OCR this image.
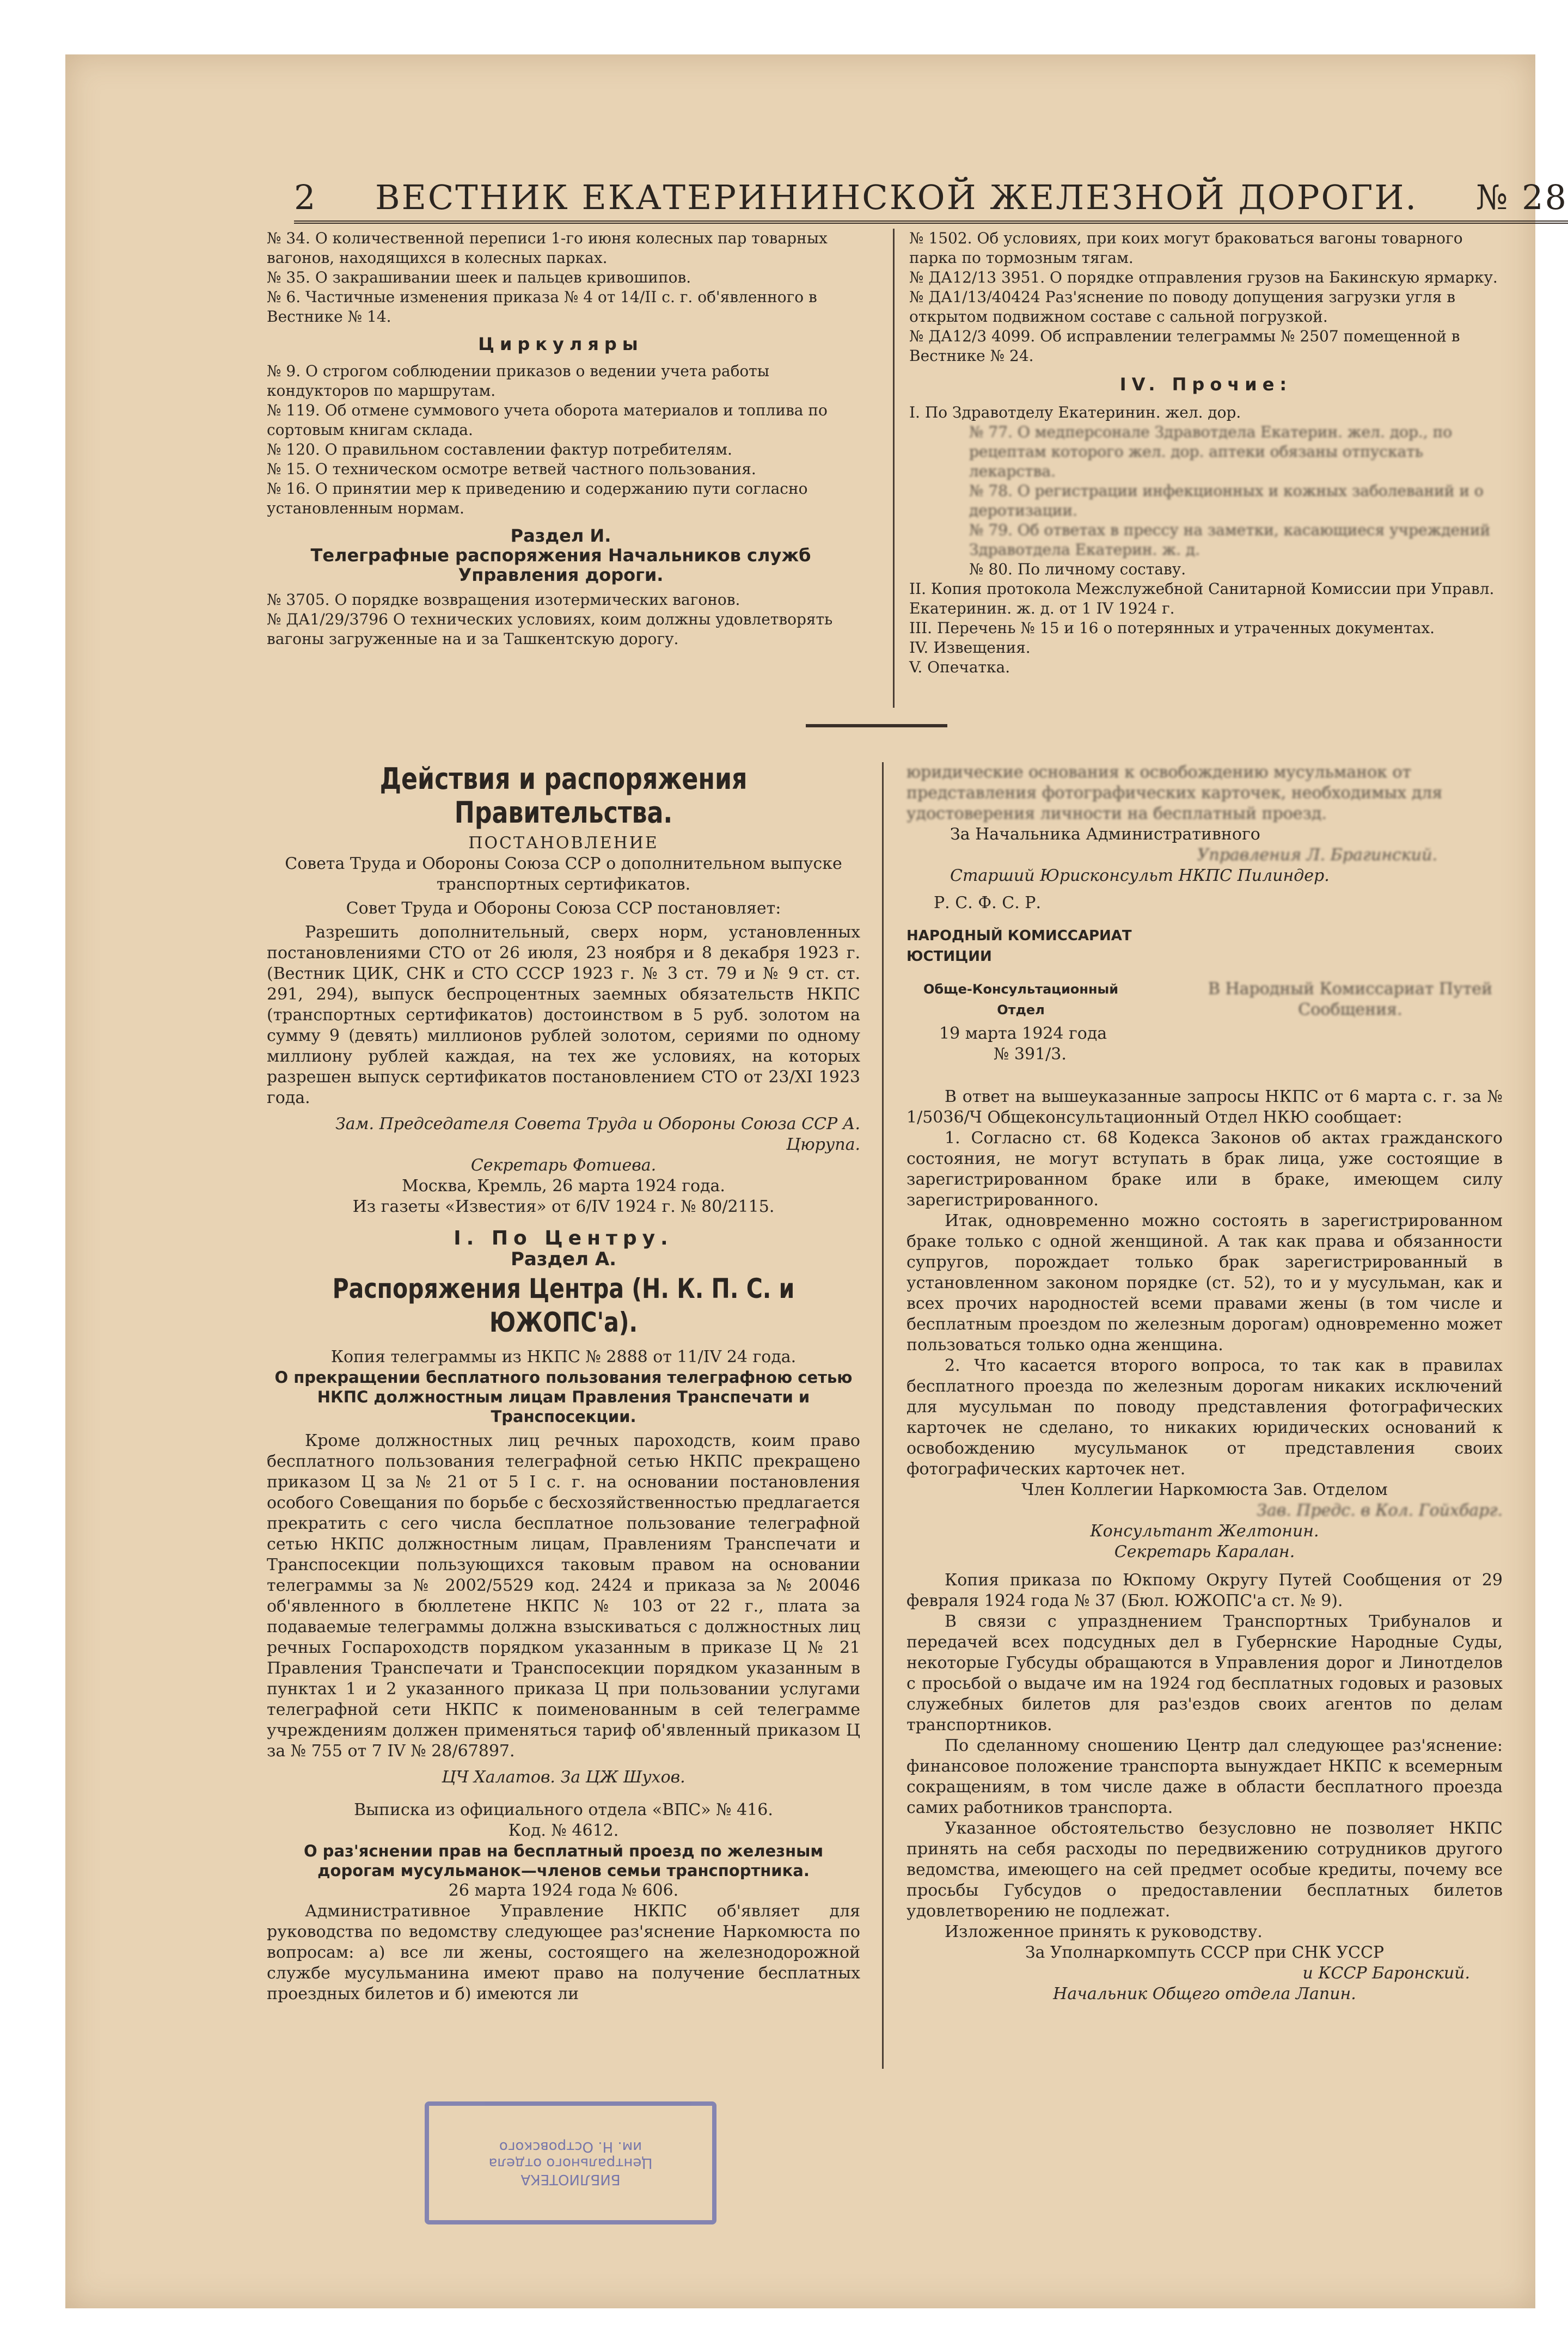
2 ВЕСТНИК ЕКАТЕРИНИНСКОЙ ЖЕЛЕЗНОЙ ДОРОГИ. № 28

№ 34. О количественной переписи 1-го июня колесных пар товарных вагонов, находящихся в колесных парках.

№ 35. О закрашивании шеек и пальцев кривошипов.

№ 6. Частичные изменения приказа № 4 от 14/II с. г. об'явленного в Вестнике № 14.

Циркуляры

№ 9. О строгом соблюдении приказов о ведении учета работы кондукторов по маршрутам.

№ 119. Об отмене суммового учета оборота материалов и топлива по сортовым книгам склада.

№ 120. О правильном составлении фактур потребителям.

№ 15. О техническом осмотре ветвей частного пользования.

№ 16. О принятии мер к приведению и содержанию пути согласно установленным нормам.

Раздел И.

Телеграфные распоряжения Начальников служб Управления дороги.

№ 3705. О порядке возвращения изотермических вагонов.

№ ДА1/29/3796 О технических условиях, коим должны удовлетворять вагоны загруженные на и за Ташкентскую дорогу.

№ 1502. Об условиях, при коих могут браковаться вагоны товарного парка по тормозным тягам.

№ ДА12/13 3951. О порядке отправления грузов на Бакинскую ярмарку.

№ ДА1/13/40424 Раз'яснение по поводу допущения загрузки угля в открытом подвижном составе с сальной погрузкой.

№ ДА12/3 4099. Об исправлении телеграммы № 2507 помещенной в Вестнике № 24.

IV. Прочие:

I. По Здравотделу Екатеринин. жел. дор.

№ 77. О медперсонале Здравотдела Екатерин. жел. дор., по рецептам которого жел. дор. аптеки обязаны отпускать лекарства.

№ 78. О регистрации инфекционных и кожных заболеваний и о деротизации.

№ 79. Об ответах в прессу на заметки, касающиеся учреждений Здравотдела Екатерин. ж. д.

№ 80. По личному составу.

II. Копия протокола Межслужебной Санитарной Комиссии при Управл. Екатеринин. ж. д. от 1 IV 1924 г.

III. Перечень № 15 и 16 о потерянных и утраченных документах.

IV. Извещения.

V. Опечатка.

Действия и распоряжения Правительства.

ПОСТАНОВЛЕНИЕ

Совета Труда и Обороны Союза ССР о дополнительном выпуске транспортных сертификатов.

Совет Труда и Обороны Союза ССР постановляет:

Разрешить дополнительный, сверх норм, установленных постановлениями СТО от 26 июля, 23 ноября и 8 декабря 1923 г. (Вестник ЦИК, СНК и СТО СССР 1923 г. № 3 ст. 79 и № 9 ст. ст. 291, 294), выпуск беспроцентных заемных обязательств НКПС (транспортных сертификатов) достоинством в 5 руб. золотом на сумму 9 (девять) миллионов рублей золотом, сериями по одному миллиону рублей каждая, на тех же условиях, на которых разрешен выпуск сертификатов постановлением СТО от 23/XI 1923 года.

Зам. Председателя Совета Труда и Обороны Союза ССР А. Цюрупа.

Секретарь Фотиева.

Москва, Кремль, 26 марта 1924 года.

Из газеты «Известия» от 6/IV 1924 г. № 80/2115.

I. По Центру.

Раздел А.

Распоряжения Центра (Н. К. П. С. и ЮЖОПС'а).

Копия телеграммы из НКПС № 2888 от 11/IV 24 года.

О прекращении бесплатного пользования телеграфною сетью НКПС должностным лицам Правления Транспечати и Транспосекции.

Кроме должностных лиц речных пароходств, коим право бесплатного пользования телеграфной сетью НКПС прекращено приказом Ц за № 21 от 5 I с. г. на основании постановления особого Совещания по борьбе с бесхозяйственностью предлагается прекратить с сего числа бесплатное пользование телеграфной сетью НКПС должностным лицам, Правлениям Транспечати и Транспосекции пользующихся таковым правом на основании телеграммы за № 2002/5529 код. 2424 и приказа за № 20046 об'явленного в бюллетене НКПС № 103 от 22 г., плата за подаваемые телеграммы должна взыскиваться с должностных лиц речных Госпароходств порядком указанным в приказе Ц № 21 Правления Транспечати и Транспосекции порядком указанным в пунктах 1 и 2 указанного приказа Ц при пользовании услугами телеграфной сети НКПС к поименованным в сей телеграмме учреждениям должен применяться тариф об'явленный приказом Ц за № 755 от 7 IV № 28/67897.

ЦЧ Халатов. За ЦЖ Шухов.

Выписка из официального отдела «ВПС» № 416.

Код. № 4612.

О раз'яснении прав на бесплатный проезд по железным дорогам мусульманок—членов семьи транспортника.

26 марта 1924 года № 606.

Административное Управление НКПС об'являет для руководства по ведомству следующее раз'яснение Наркомюста по вопросам: а) все ли жены, состоящего на железнодорожной службе мусульманина имеют право на получение бесплатных проездных билетов и б) имеются ли

юридические основания к освобождению мусульманок от представления фотографических карточек, необходимых для удостоверения личности на бесплатный проезд.

За Начальника Административного

Управления Л. Брагинский.

Старший Юрисконсульт НКПС Пилиндер.

Р. С. Ф. С. Р.

НАРОДНЫЙ КОМИССАРИАТ ЮСТИЦИИ

Обще-Консультационный Отдел

В Народный Комиссариат Путей Сообщения.

19 марта 1924 года

№ 391/3.

В ответ на вышеуказанные запросы НКПС от 6 марта с. г. за № 1/5036/Ч Общеконсультационный Отдел НКЮ сообщает:

1. Согласно ст. 68 Кодекса Законов об актах гражданского состояния, не могут вступать в брак лица, уже состоящие в зарегистрированном браке или в браке, имеющем силу зарегистрированного.

Итак, одновременно можно состоять в зарегистрированном браке только с одной женщиной. А так как права и обязанности супругов, порождает только брак зарегистрированный в установленном законом порядке (ст. 52), то и у мусульман, как и всех прочих народностей всеми правами жены (в том числе и бесплатным проездом по железным дорогам) одновременно может пользоваться только одна женщина.

2. Что касается второго вопроса, то так как в правилах бесплатного проезда по железным дорогам никаких исключений для мусульман по поводу представления фотографических карточек не сделано, то никаких юридических оснований к освобождению мусульманок от представления своих фотографических карточек нет.

Член Коллегии Наркомюста Зав. Отделом

Зав. Предс. в Кол. Гойхбарг.

Консультант Желтонин.

Секретарь Каралан.

Копия приказа по Юкпому Округу Путей Сообщения от 29 февраля 1924 года № 37 (Бюл. ЮЖОПС'а ст. № 9).

В связи с упразднением Транспортных Трибуналов и передачей всех подсудных дел в Губернские Народные Суды, некоторые Губсуды обращаются в Управления дорог и Линотделов с просьбой о выдаче им на 1924 год бесплатных годовых и разовых служебных билетов для раз'ездов своих агентов по делам транспортников.

По сделанному сношению Центр дал следующее раз'яснение: финансовое положение транспорта вынуждает НКПС к всемерным сокращениям, в том числе даже в области бесплатного проезда самих работников транспорта.

Указанное обстоятельство безусловно не позволяет НКПС принять на себя расходы по передвижению сотрудников другого ведомства, имеющего на сей предмет особые кредиты, почему все просьбы Губсудов о предоставлении бесплатных билетов удовлетворению не подлежат.

Изложенное принять к руководству.

За Уполнаркомпуть СССР при СНК УССР

и КССР Баронский.

Начальник Общего отдела Лапин.

БИБЛИОТЕКА
Центрального отдела
им. Н. Островского
